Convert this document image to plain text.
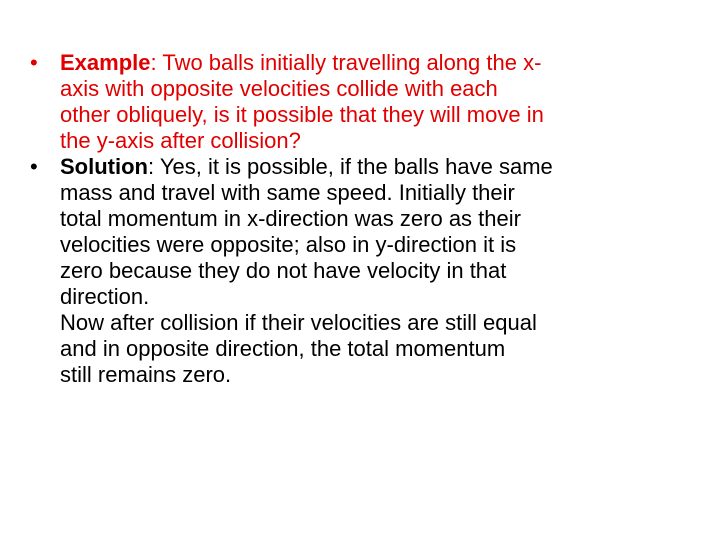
•	Example: Two balls initially travelling along the x-
axis with opposite velocities collide with each
other obliquely, is it possible that they will move in
the y-axis after collision?
•	Solution: Yes, it is possible, if the balls have same
mass and travel with same speed. Initially their
total momentum in x-direction was zero as their
velocities were opposite; also in y-direction it is
zero because they do not have velocity in that
direction.
Now after collision if their velocities are still equal
and in opposite direction, the total momentum
still remains zero.
